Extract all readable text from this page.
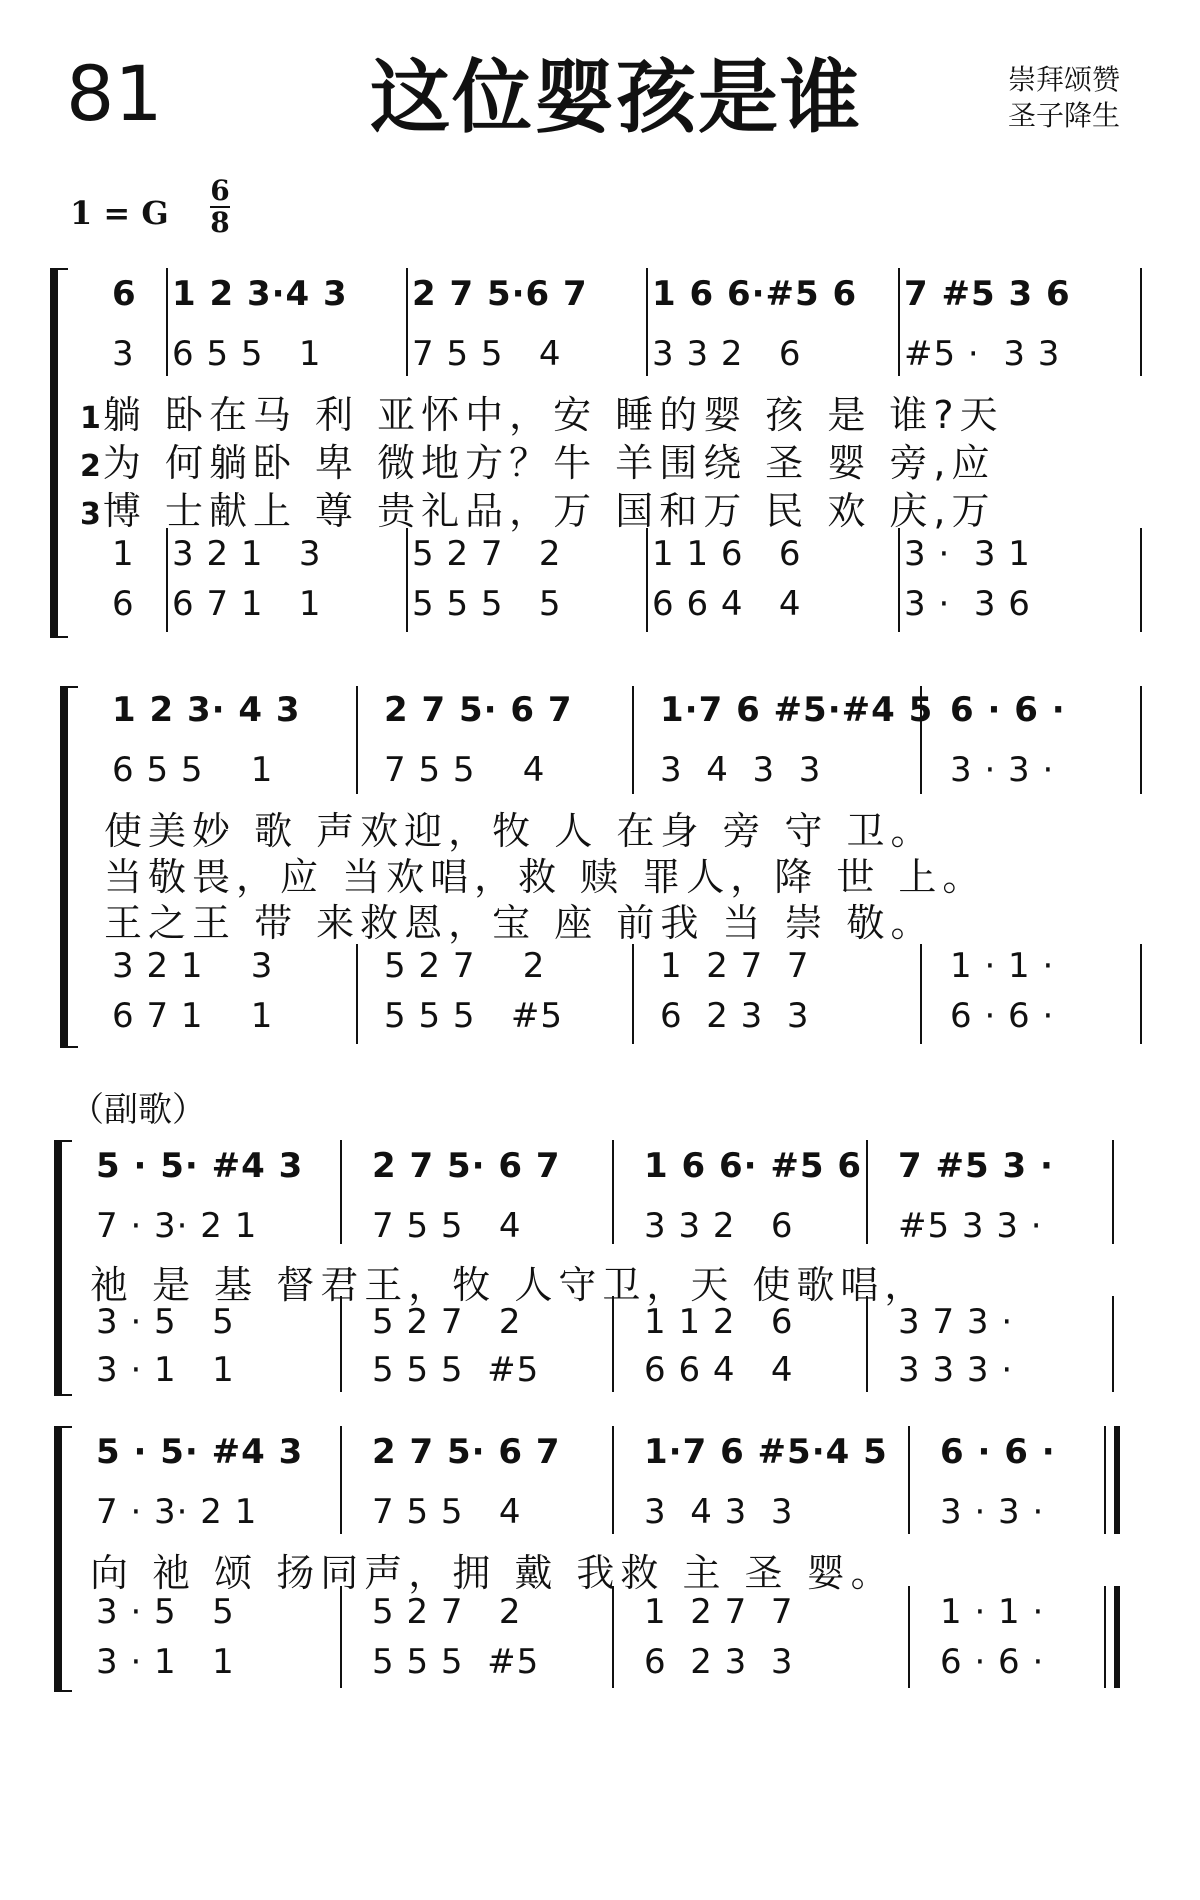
81	这位婴孩是谁	崇拜颂赞
圣子降生
1 = G
6
8
（副歌）
6	1 2 3·4 3	2 7 5·6 7	1 6 6·#5 6	7 #5 3 6
3	6 5 5   1	7 5 5   4	3 3 2   6	#5 ·  3 3
1 躺 卧在马 利 亚怀中，安 睡的婴 孩 是 谁?天
2 为 何躺卧 卑 微地方？牛 羊围绕 圣 婴 旁,应
3 博 士献上 尊 贵礼品，万 国和万 民 欢 庆,万
1	3 2 1   3	5 2 7   2	1 1 6   6	3 ·  3 1
6	6 7 1   1	5 5 5   5	6 6 4   4	3 ·  3 6
1 2 3· 4 3	2 7 5· 6 7	1·7 6 #5·#4 5 6 · 6 ·
6 5 5    1	7 5 5    4	3  4  3  3	3 · 3 ·
使美妙 歌 声欢迎，牧 人 在身 旁 守 卫。
当敬畏，应 当欢唱，救 赎 罪人，降 世 上。
王之王 带 来救恩，宝 座 前我 当 崇 敬。
3 2 1    3	5 2 7    2	1  2 7  7	1 · 1 ·
6 7 1    1	5 5 5   #5	6  2 3  3	6 · 6 ·
5 · 5· #4 3	2 7 5· 6 7	1 6 6· #5 6	7 #5 3 ·
7 · 3· 2 1	7 5 5   4	3 3 2   6	#5 3 3 ·
祂 是 基 督君王，牧 人守卫，天 使歌唱，
3 · 5   5	5 2 7   2	1 1 2   6	3 7 3 ·
3 · 1   1	5 5 5  #5	6 6 4   4	3 3 3 ·
5 · 5· #4 3	2 7 5· 6 7	1·7 6 #5·4 5	6 · 6 ·
7 · 3· 2 1	7 5 5   4	3  4 3  3	3 · 3 ·
向 祂 颂 扬同声，拥 戴 我救 主 圣 婴。
3 · 5   5	5 2 7   2	1  2 7  7	1 · 1 ·
3 · 1   1	5 5 5  #5	6  2 3  3	6 · 6 ·
